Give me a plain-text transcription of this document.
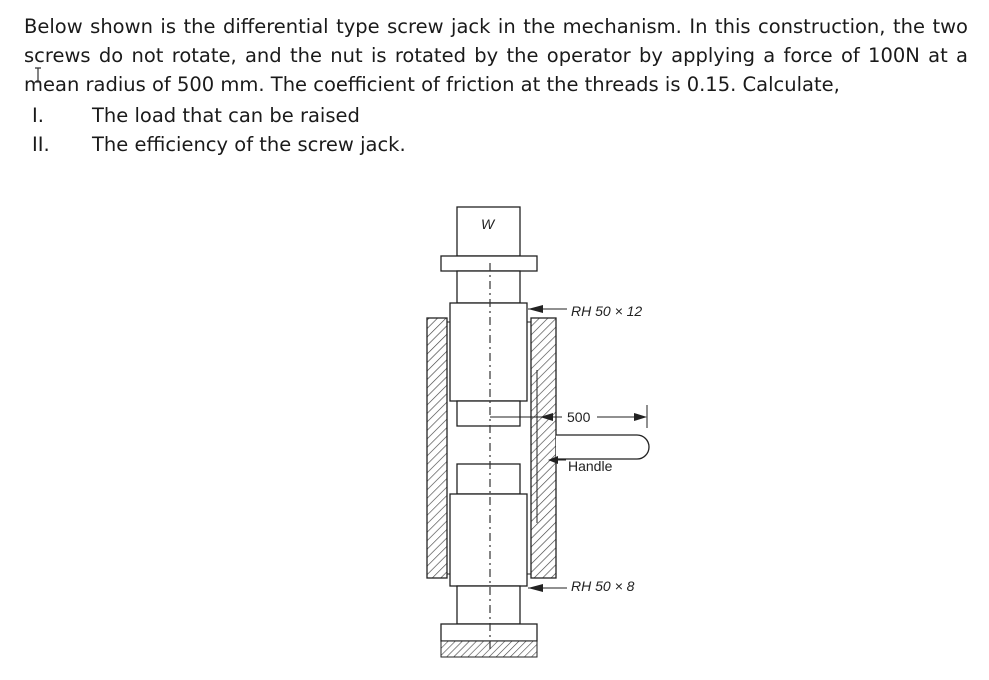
Below shown is the differential type screw jack in the mechanism. In this construction, the two screws do not rotate, and the nut is rotated by the operator by applying a force of 100N at a mean radius of 500 mm. The coefficient of friction at the threads is 0.15. Calculate,
I.	The load that can be raised
II.	The efficiency of the screw jack.
W
RH 50 × 12
500
Handle
RH 50 × 8
